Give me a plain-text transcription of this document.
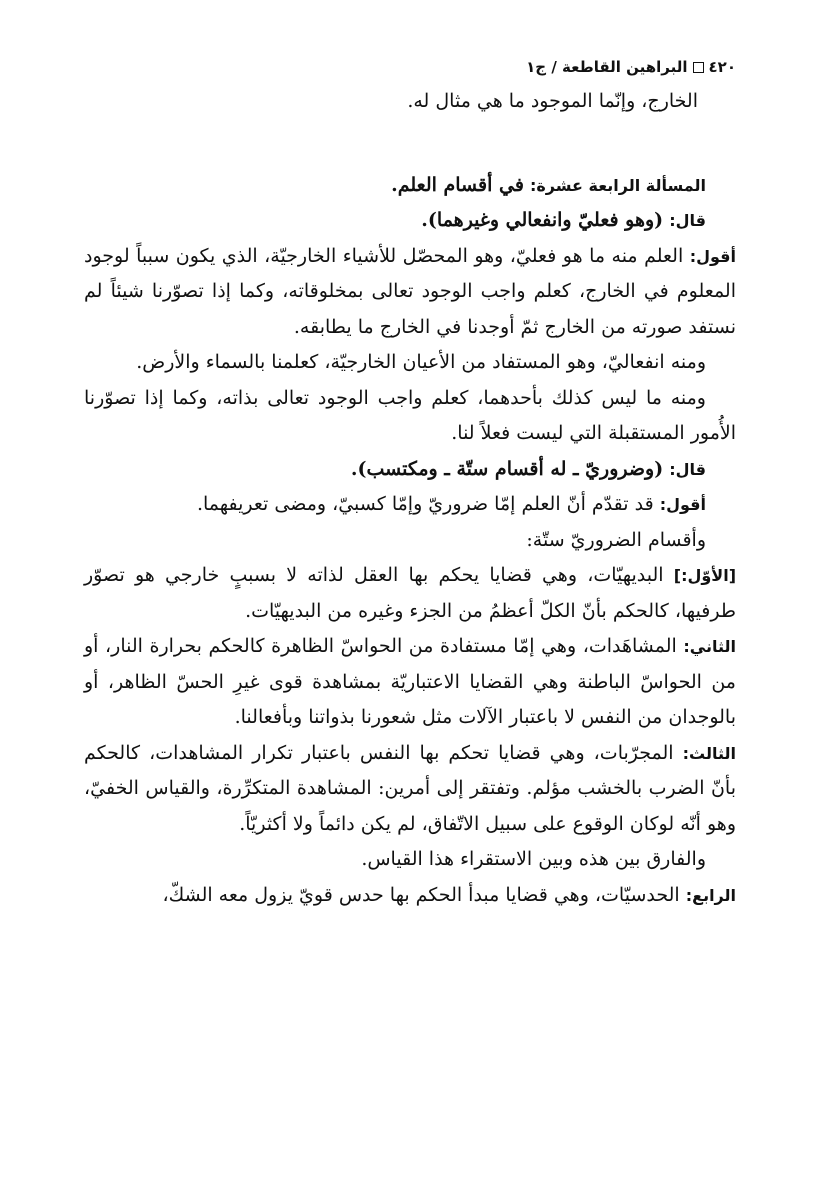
٤٢٠البراهين القاطعة / ج١

الخارج، وإنّما الموجود ما هي مثال له.

المسألة الرابعة عشرة: في أقسام العلم.

قال: (وهو فعليّ وانفعالي وغيرهما).

أقول: العلم منه ما هو فعليّ، وهو المحصّل للأشياء الخارجيّة، الذي يكون سبباً لوجود المعلوم في الخارج، كعلم واجب الوجود تعالى بمخلوقاته، وكما إذا تصوّرنا شيئاً لم نستفد صورته من الخارج ثمّ أوجدنا في الخارج ما يطابقه.

ومنه انفعاليّ، وهو المستفاد من الأعيان الخارجيّة، كعلمنا بالسماء والأرض.

ومنه ما ليس كذلك بأحدهما، كعلم واجب الوجود تعالى بذاته، وكما إذا تصوّرنا الأُمور المستقبلة التي ليست فعلاً لنا.

قال: (وضروريّ ـ له أقسام ستّة ـ ومكتسب).

أقول: قد تقدّم أنّ العلم إمّا ضروريّ وإمّا كسبيّ، ومضى تعريفهما.

وأقسام الضروريّ ستّة:

[الأوّل:] البديهيّات، وهي قضايا يحكم بها العقل لذاته لا بسببٍ خارجي هو تصوّر طرفيها، كالحكم بأنّ الكلّ أعظمُ من الجزء وغيره من البديهيّات.

الثاني: المشاهَدات، وهي إمّا مستفادة من الحواسّ الظاهرة كالحكم بحرارة النار، أو من الحواسّ الباطنة وهي القضايا الاعتباريّة بمشاهدة قوى غيرِ الحسّ الظاهر، أو بالوجدان من النفس لا باعتبار الآلات مثل شعورنا بذواتنا وبأفعالنا.

الثالث: المجرّبات، وهي قضايا تحكم بها النفس باعتبار تكرار المشاهدات، كالحكم بأنّ الضرب بالخشب مؤلم. وتفتقر إلى أمرين: المشاهدة المتكرِّرة، والقياس الخفيّ، وهو أنّه لوكان الوقوع على سبيل الاتّفاق، لم يكن دائماً ولا أكثريّاً.

والفارق بين هذه وبين الاستقراء هذا القياس.

الرابع: الحدسيّات، وهي قضايا مبدأ الحكم بها حدس قويّ يزول معه الشكّ،
